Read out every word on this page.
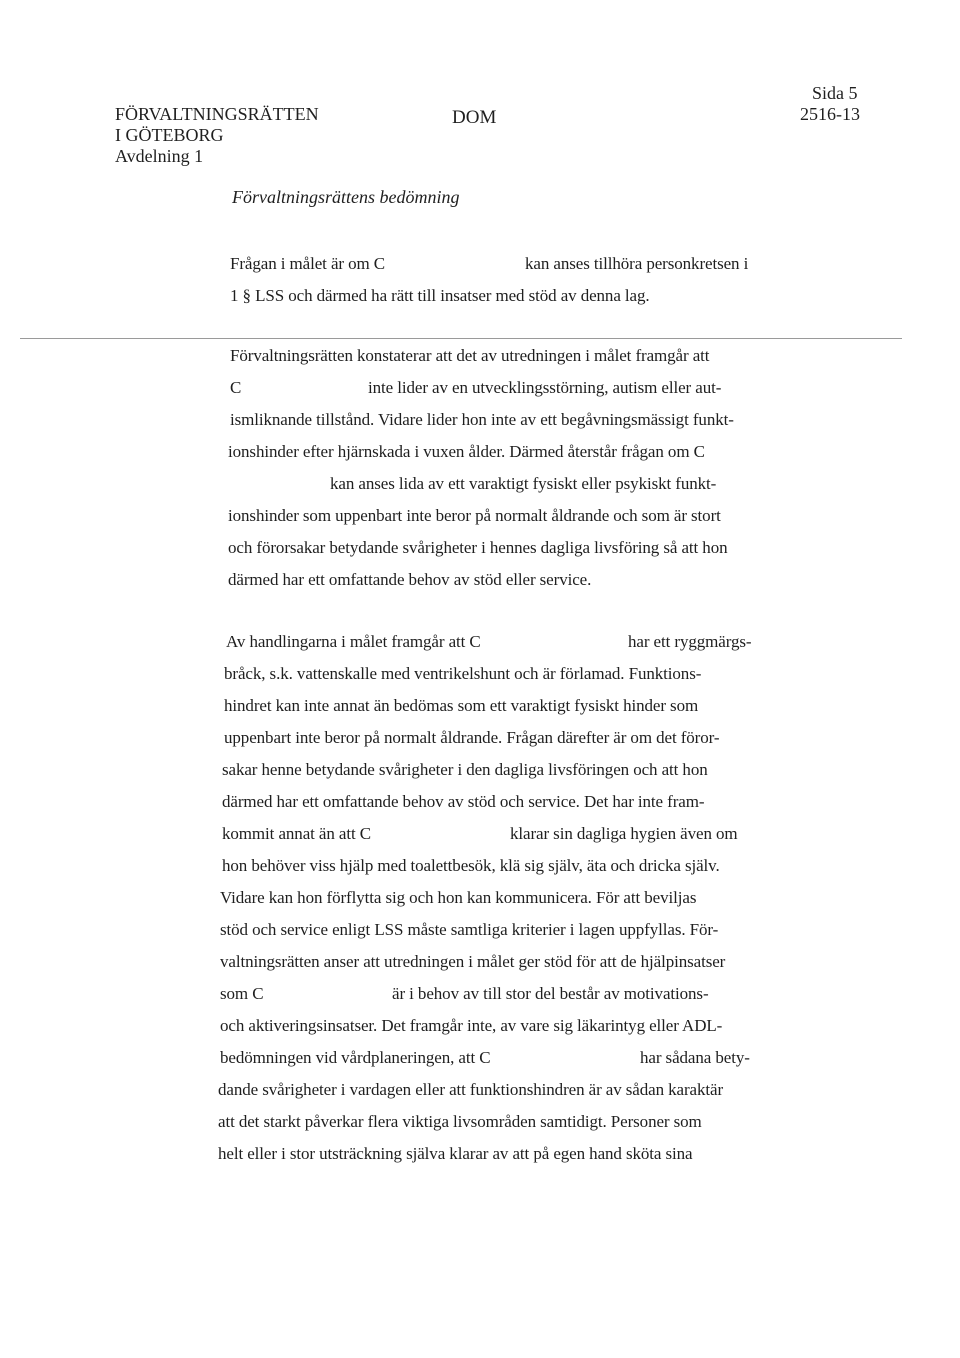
FÖRVALTNINGSRÄTTEN
I GÖTEBORG
Avdelning 1
DOM
Sida 5
2516-13
Förvaltningsrättens bedömning
Frågan i målet är om C	kan anses tillhöra personkretsen i
1 § LSS och därmed ha rätt till insatser med stöd av denna lag.
Förvaltningsrätten konstaterar att det av utredningen i målet framgår att
C	inte lider av en utvecklingsstörning, autism eller aut-
ismliknande tillstånd. Vidare lider hon inte av ett begåvningsmässigt funkt-
ionshinder efter hjärnskada i vuxen ålder. Därmed återstår frågan om C
kan anses lida av ett varaktigt fysiskt eller psykiskt funkt-
ionshinder som uppenbart inte beror på normalt åldrande och som är stort
och förorsakar betydande svårigheter i hennes dagliga livsföring så att hon
därmed har ett omfattande behov av stöd eller service.
Av handlingarna i målet framgår att C	har ett ryggmärgs-
bråck, s.k. vattenskalle med ventrikelshunt och är förlamad. Funktions-
hindret kan inte annat än bedömas som ett varaktigt fysiskt hinder som
uppenbart inte beror på normalt åldrande. Frågan därefter är om det föror-
sakar henne betydande svårigheter i den dagliga livsföringen och att hon
därmed har ett omfattande behov av stöd och service. Det har inte fram-
kommit annat än att C	klarar sin dagliga hygien även om
hon behöver viss hjälp med toalettbesök, klä sig själv, äta och dricka själv.
Vidare kan hon förflytta sig och hon kan kommunicera. För att beviljas
stöd och service enligt LSS måste samtliga kriterier i lagen uppfyllas. För-
valtningsrätten anser att utredningen i målet ger stöd för att de hjälpinsatser
som C	är i behov av till stor del består av motivations-
och aktiveringsinsatser. Det framgår inte, av vare sig läkarintyg eller ADL-
bedömningen vid vårdplaneringen, att C	har sådana bety-
dande svårigheter i vardagen eller att funktionshindren är av sådan karaktär
att det starkt påverkar flera viktiga livsområden samtidigt. Personer som
helt eller i stor utsträckning själva klarar av att på egen hand sköta sina
